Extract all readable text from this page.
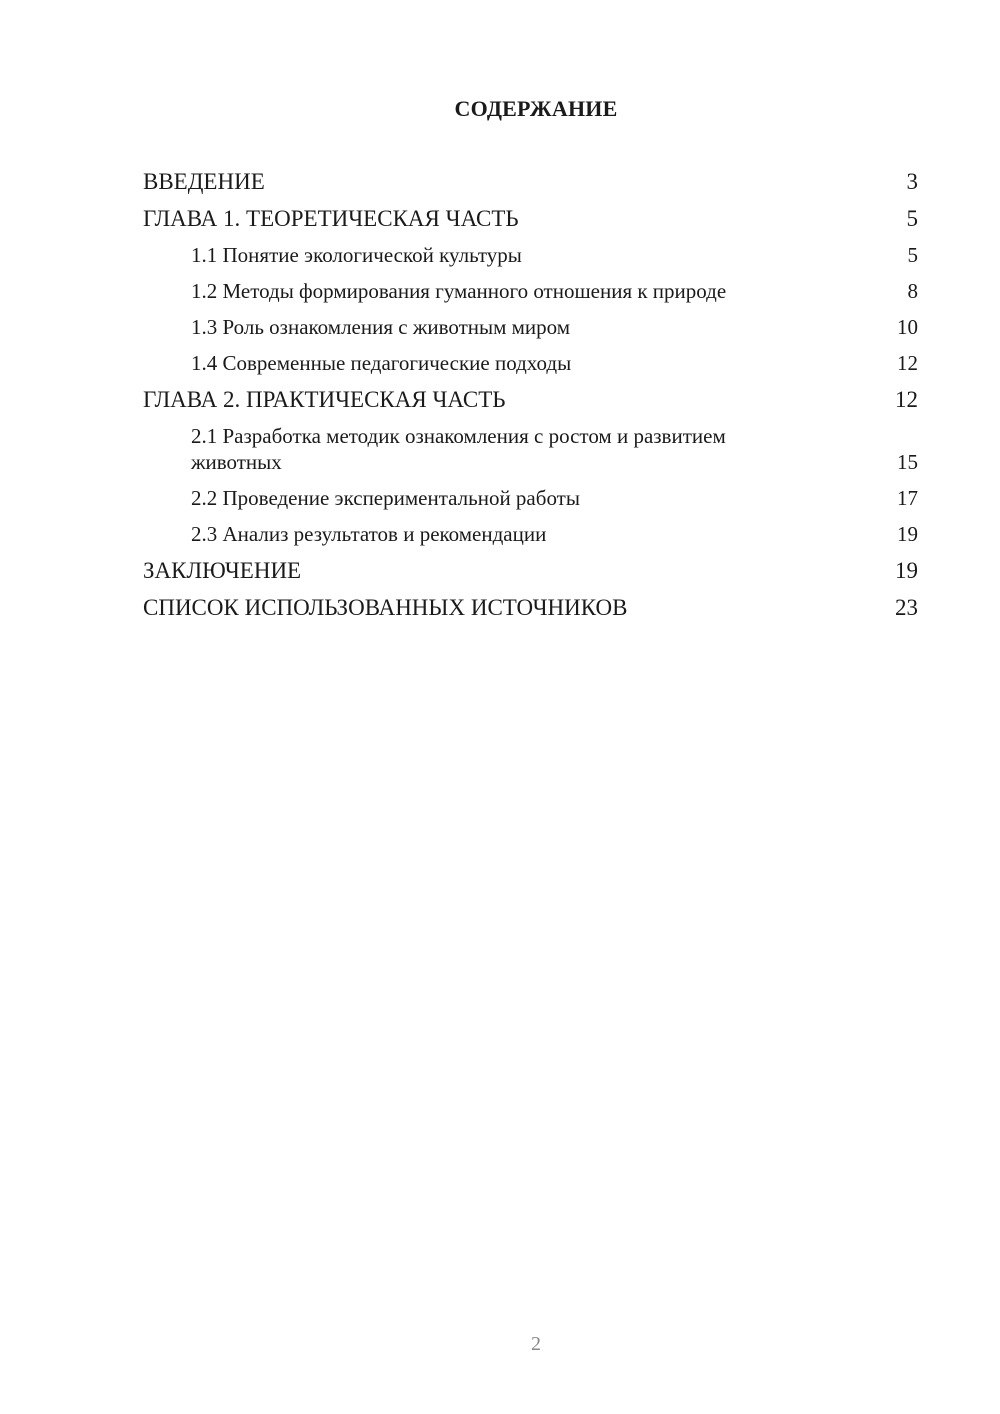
СОДЕРЖАНИЕ
ВВЕДЕНИЕ	3
ГЛАВА 1. ТЕОРЕТИЧЕСКАЯ ЧАСТЬ	5
1.1 Понятие экологической культуры	5
1.2 Методы формирования гуманного отношения к природе	8
1.3 Роль ознакомления с животным миром	10
1.4 Современные педагогические подходы	12
ГЛАВА 2. ПРАКТИЧЕСКАЯ ЧАСТЬ	12
2.1 Разработка методик ознакомления с ростом и развитием животных	15
2.2 Проведение экспериментальной работы	17
2.3 Анализ результатов и рекомендации	19
ЗАКЛЮЧЕНИЕ	19
СПИСОК ИСПОЛЬЗОВАННЫХ ИСТОЧНИКОВ	23
2
